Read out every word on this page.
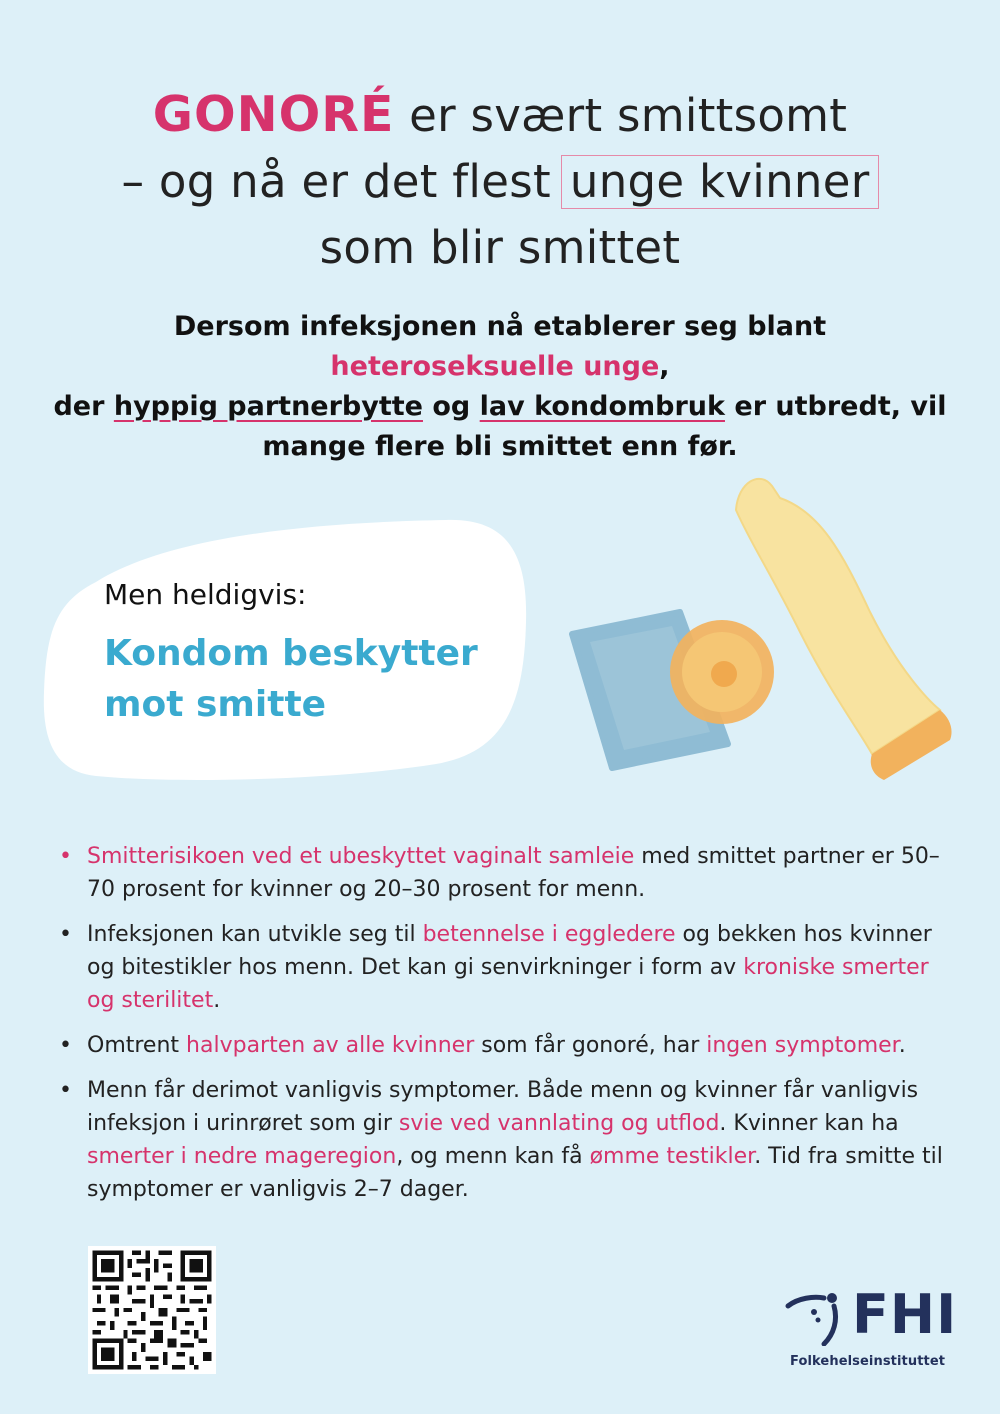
GONORÉ er svært smittsomt
– og nå er det flest unge kvinner
som blir smittet
Dersom infeksjonen nå etablerer seg blant
heteroseksuelle unge,
der hyppig partnerbytte og lav kondombruk er utbredt, vil
mange flere bli smittet enn før.
Men heldigvis:
Kondom beskytter mot smitte
• Smitterisikoen ved et ubeskyttet vaginalt samleie med smittet partner er 50–70 prosent for kvinner og 20–30 prosent for menn.
• Infeksjonen kan utvikle seg til betennelse i eggledere og bekken hos kvinner og bitestikler hos menn. Det kan gi senvirkninger i form av kroniske smerter og sterilitet.
• Omtrent halvparten av alle kvinner som får gonoré, har ingen symptomer.
• Menn får derimot vanligvis symptomer. Både menn og kvinner får vanligvis infeksjon i urinrøret som gir svie ved vannlating og utflod. Kvinner kan ha smerter i nedre mageregion, og menn kan få ømme testikler. Tid fra smitte til symptomer er vanligvis 2–7 dager.
FHI
Folkehelseinstituttet
